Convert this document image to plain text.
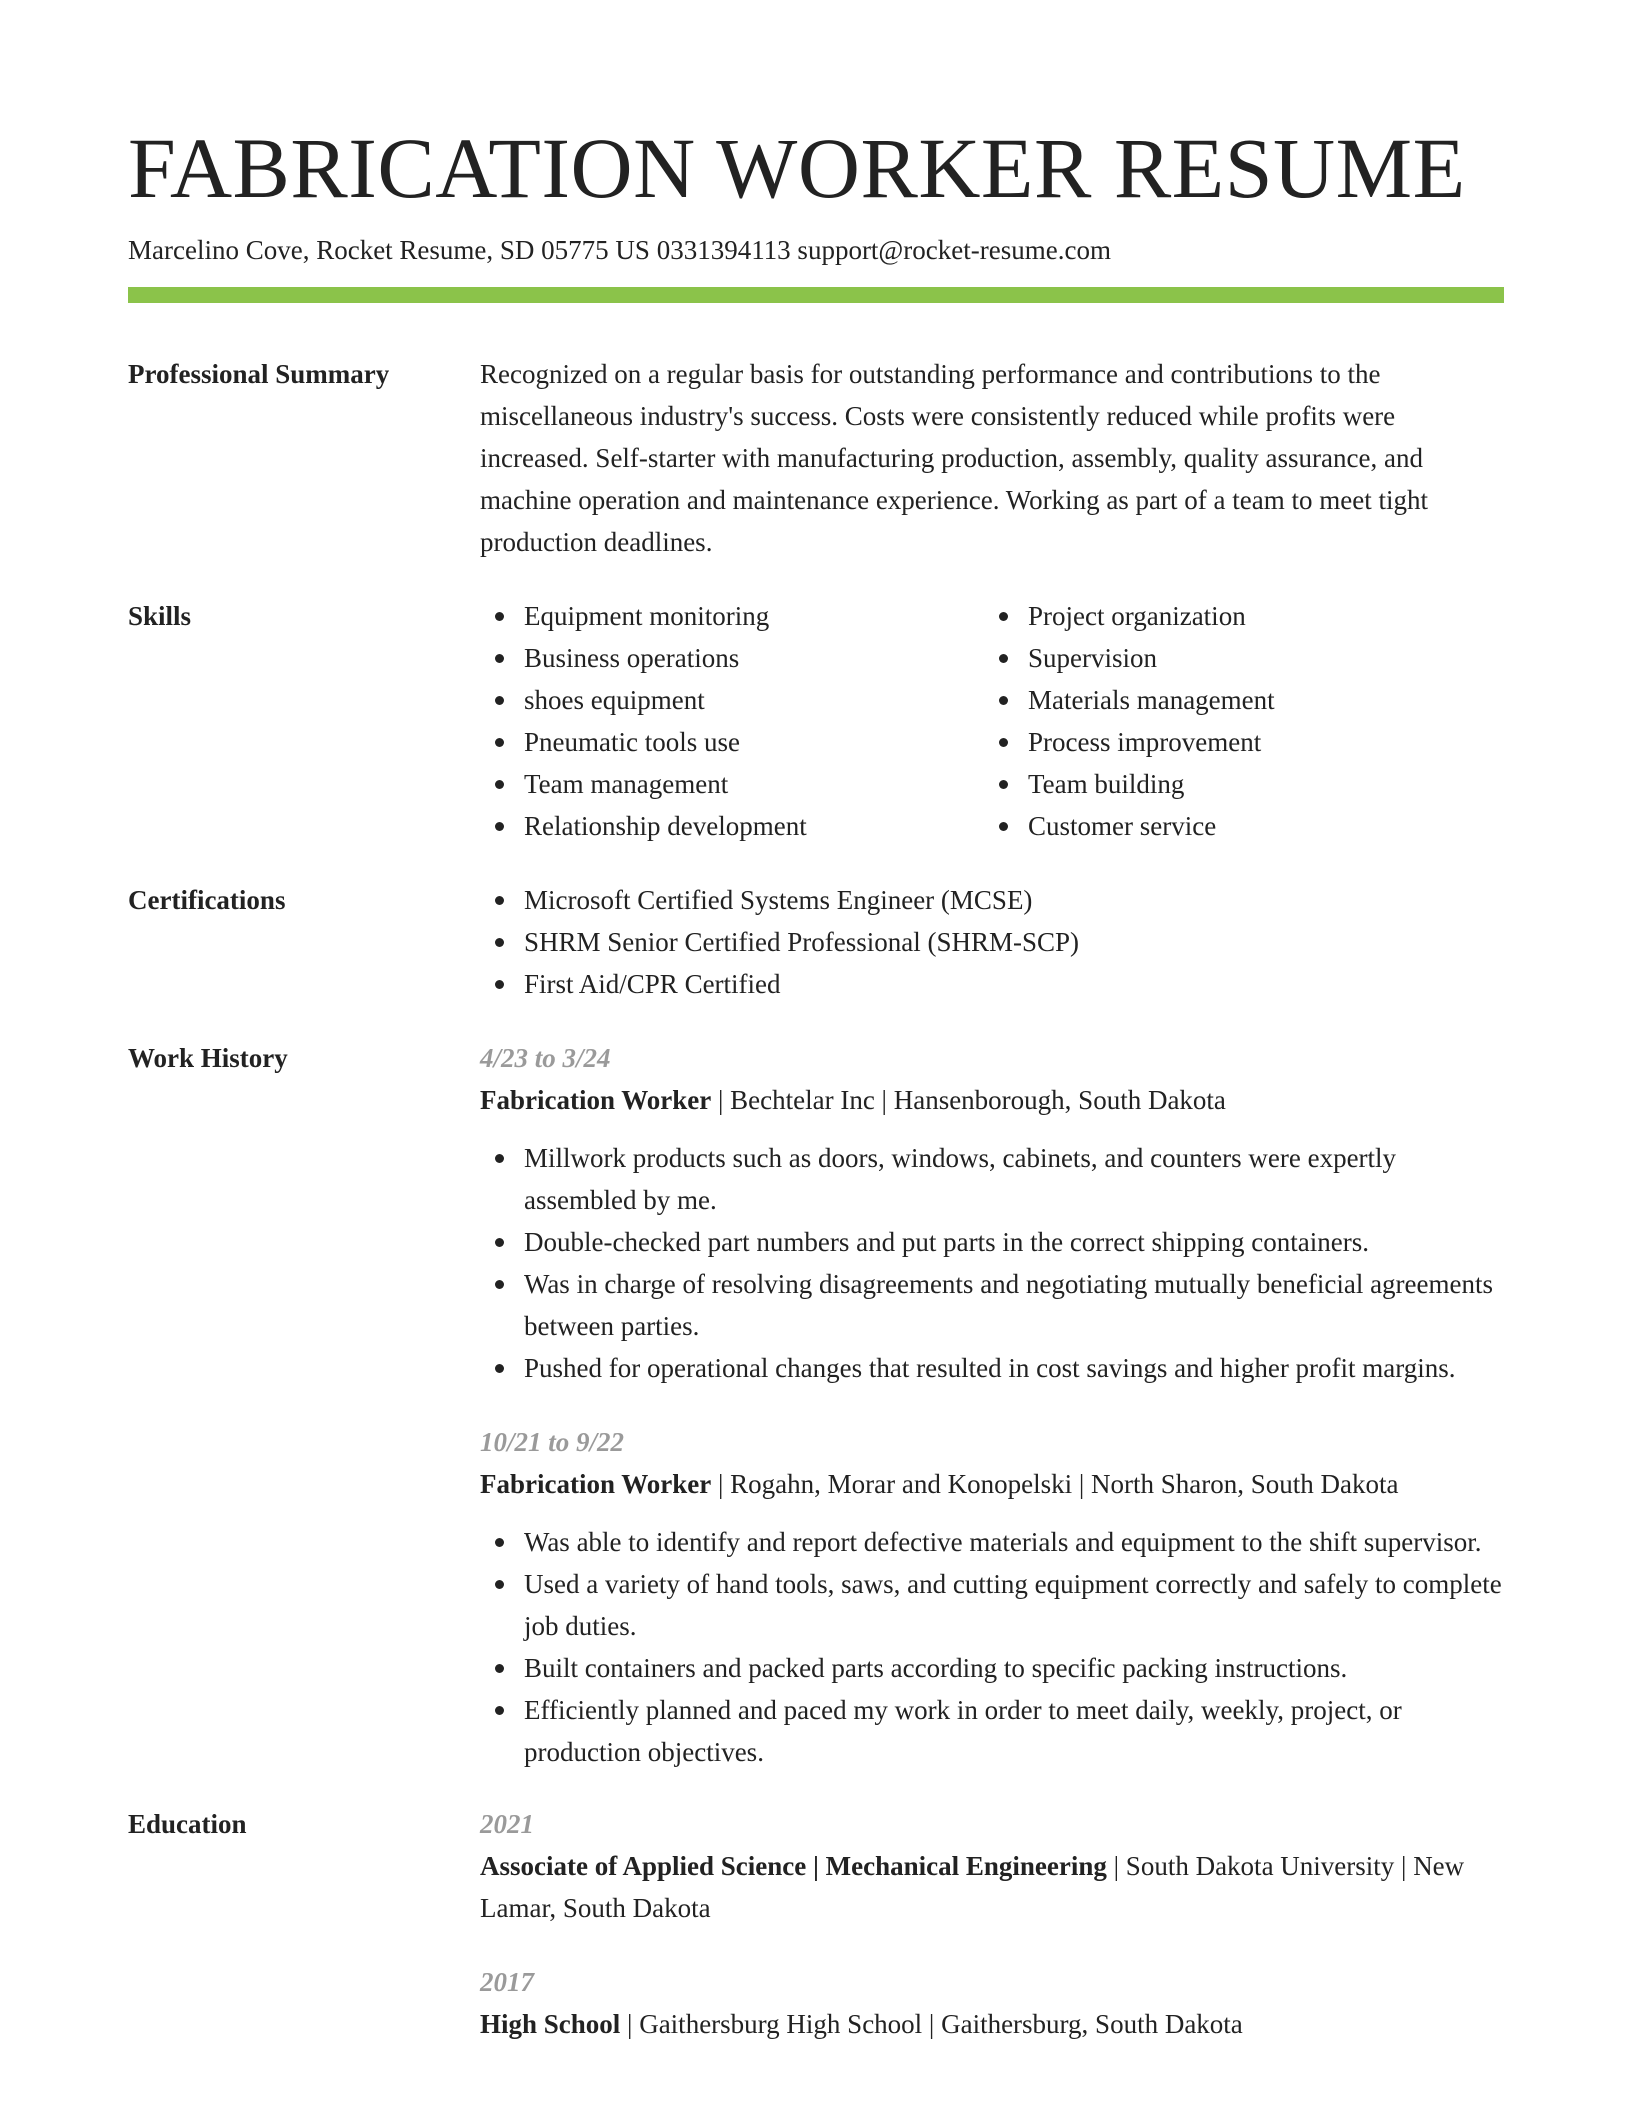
FABRICATION WORKER RESUME
Marcelino Cove, Rocket Resume, SD 05775 US 0331394113 support@rocket-resume.com
Professional Summary	Recognized on a regular basis for outstanding performance and contributions to the miscellaneous industry's success. Costs were consistently reduced while profits were increased. Self-starter with manufacturing production, assembly, quality assurance, and machine operation and maintenance experience. Working as part of a team to meet tight production deadlines.
Skills	Equipment monitoring
Business operations
shoes equipment
Pneumatic tools use
Team management
Relationship development
Project organization
Supervision
Materials management
Process improvement
Team building
Customer service
Certifications	Microsoft Certified Systems Engineer (MCSE)
SHRM Senior Certified Professional (SHRM-SCP)
First Aid/CPR Certified
Work History	4/23 to 3/24
Fabrication Worker | Bechtelar Inc | Hansenborough, South Dakota
Millwork products such as doors, windows, cabinets, and counters were expertly assembled by me.
Double-checked part numbers and put parts in the correct shipping containers.
Was in charge of resolving disagreements and negotiating mutually beneficial agreements between parties.
Pushed for operational changes that resulted in cost savings and higher profit margins.
10/21 to 9/22
Fabrication Worker | Rogahn, Morar and Konopelski | North Sharon, South Dakota
Was able to identify and report defective materials and equipment to the shift supervisor.
Used a variety of hand tools, saws, and cutting equipment correctly and safely to complete job duties.
Built containers and packed parts according to specific packing instructions.
Efficiently planned and paced my work in order to meet daily, weekly, project, or production objectives.
Education	2021
Associate of Applied Science | Mechanical Engineering | South Dakota University | New Lamar, South Dakota
2017
High School | Gaithersburg High School | Gaithersburg, South Dakota
